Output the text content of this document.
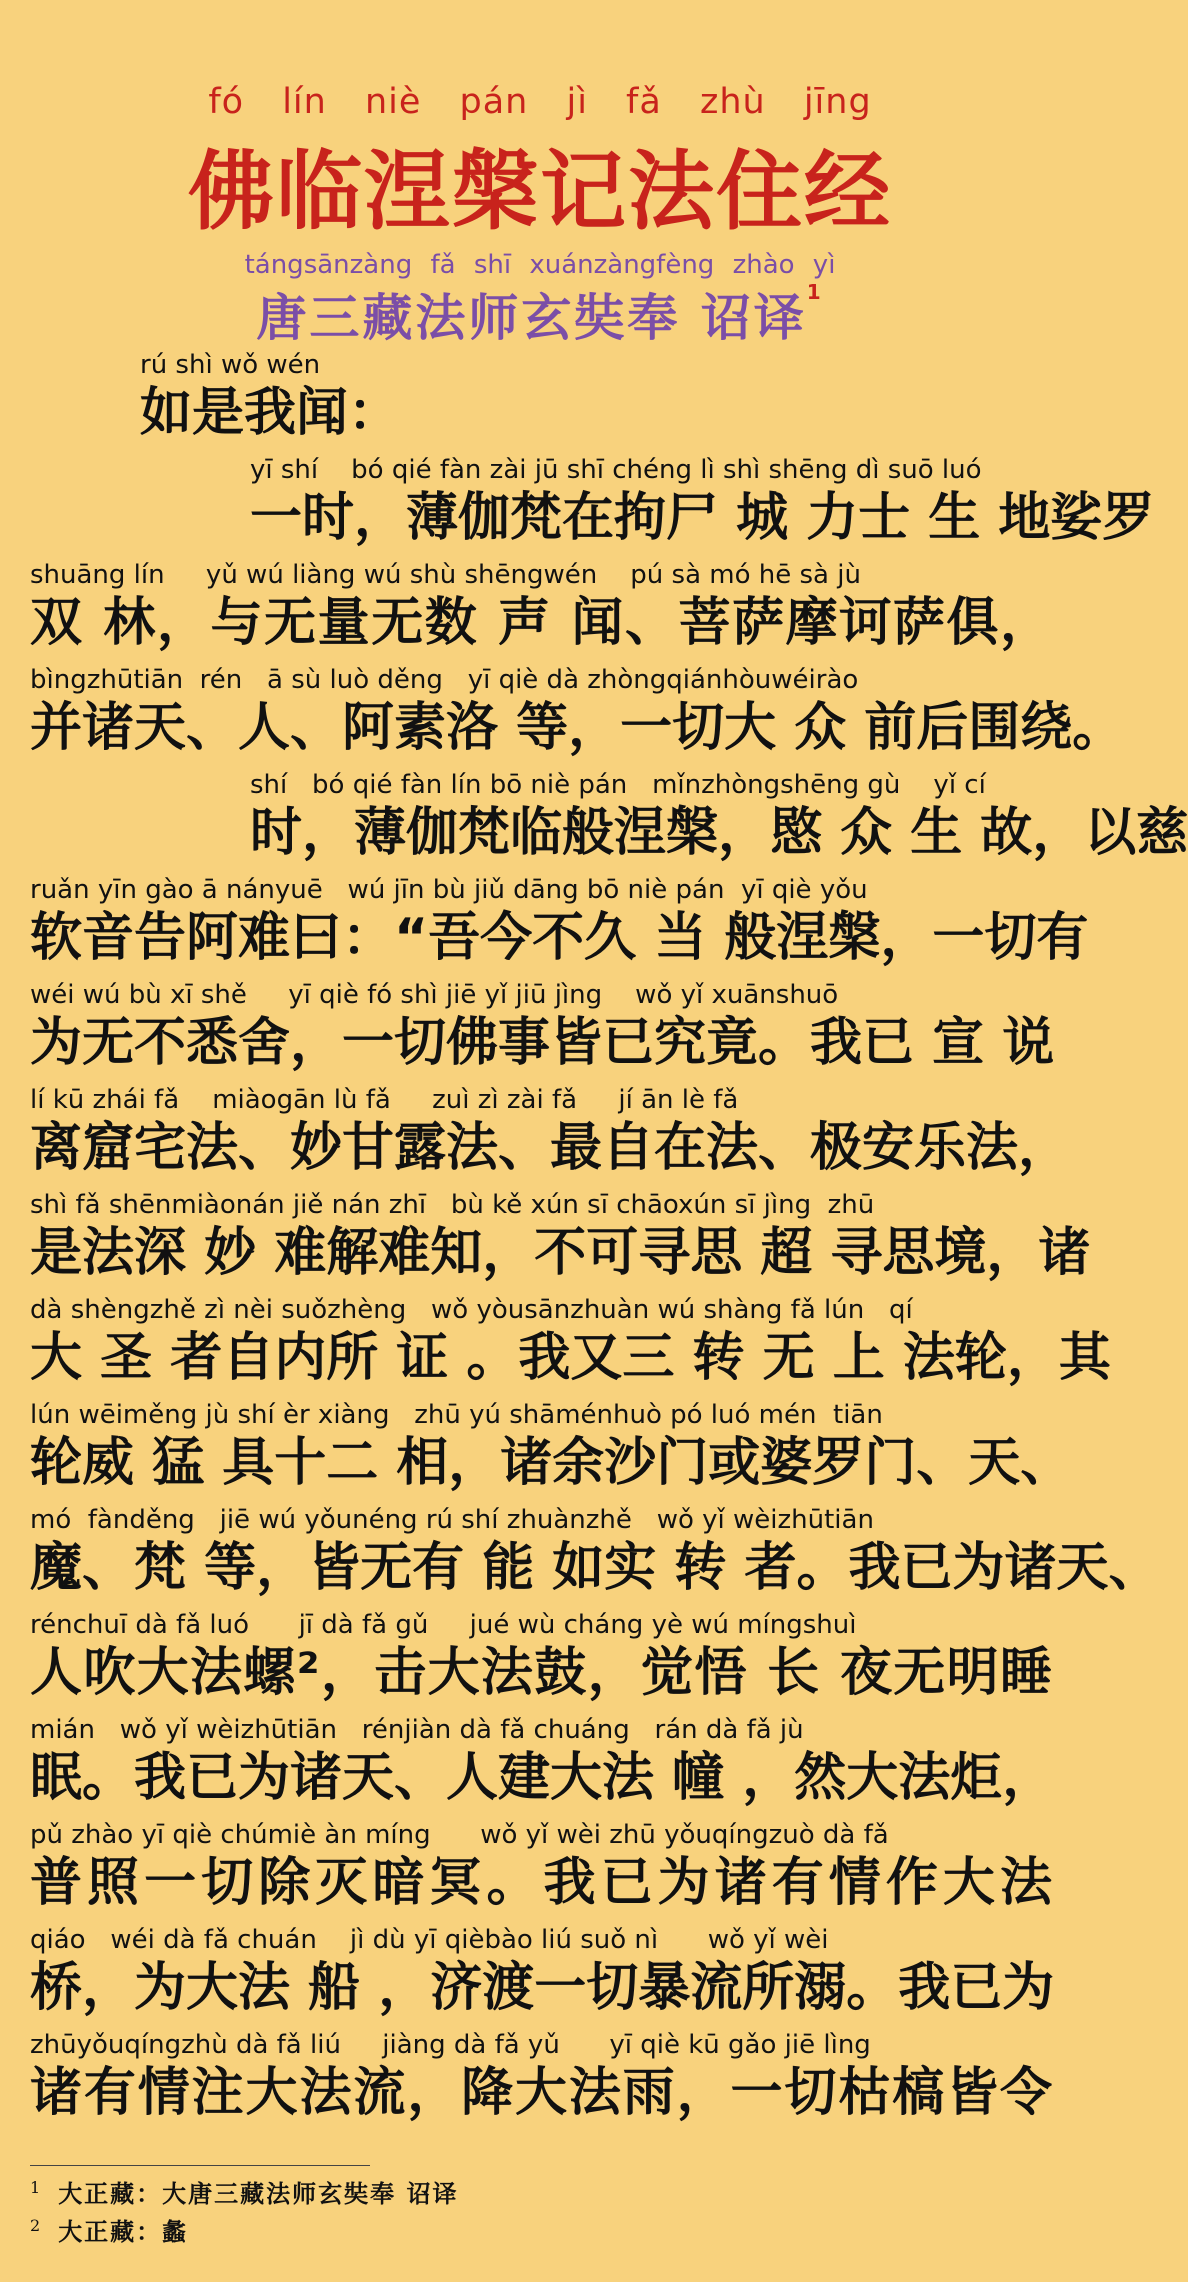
fó lín niè pán jì fǎ zhù jīng
佛临涅槃记法住经
tángsānzàng fǎ shī xuánzàngfèng zhào yì
唐三藏法师玄奘奉 诏译$^1$
rú shì wǒ wén
如是我闻：
yī shí    bó qié fàn zài jū shī chéng lì shì shēng dì suō luó
一时，薄伽梵在拘尸 城 力士 生 地娑罗
shuāng lín     yǔ wú liàng wú shù shēngwén    pú sà mó hē sà jù
双 林，与无量无数 声 闻、菩萨摩诃萨俱，
bìngzhūtiān  rén   ā sù luò děng   yī qiè dà zhòngqiánhòuwéirào
并诸天、人、阿素洛 等，一切大 众 前后围绕。
shí   bó qié fàn lín bō niè pán   mǐnzhòngshēng gù    yǐ cí
时，薄伽梵临般涅槃，愍 众 生 故，以慈
ruǎn yīn gào ā nányuē   wú jīn bù jiǔ dāng bō niè pán  yī qiè yǒu
软音告阿难曰：“吾今不久 当 般涅槃，一切有
wéi wú bù xī shě     yī qiè fó shì jiē yǐ jiū jìng    wǒ yǐ xuānshuō
为无不悉舍，一切佛事皆已究竟。我已 宣 说
lí kū zhái fǎ    miàogān lù fǎ     zuì zì zài fǎ     jí ān lè fǎ
离窟宅法、妙甘露法、最自在法、极安乐法，
shì fǎ shēnmiàonán jiě nán zhī   bù kě xún sī chāoxún sī jìng  zhū
是法深 妙 难解难知，不可寻思 超 寻思境，诸
dà shèngzhě zì nèi suǒzhèng   wǒ yòusānzhuàn wú shàng fǎ lún   qí
大 圣 者自内所 证 。我又三 转 无 上 法轮，其
lún wēiměng jù shí èr xiàng   zhū yú shāménhuò pó luó mén  tiān
轮威 猛 具十二 相，诸余沙门或婆罗门、天、
mó  fànděng   jiē wú yǒunéng rú shí zhuànzhě   wǒ yǐ wèizhūtiān
魔、梵 等，皆无有 能 如实 转 者。我已为诸天、
rénchuī dà fǎ luó      jī dà fǎ gǔ     jué wù cháng yè wú míngshuì
人吹大法螺²，击大法鼓，觉悟 长 夜无明睡
mián   wǒ yǐ wèizhūtiān   rénjiàn dà fǎ chuáng   rán dà fǎ jù
眠。我已为诸天、人建大法 幢 ，然大法炬，
pǔ zhào yī qiè chúmiè àn míng      wǒ yǐ wèi zhū yǒuqíngzuò dà fǎ
普照一切除灭暗冥。我已为诸有情作大法
qiáo   wéi dà fǎ chuán    jì dù yī qièbào liú suǒ nì      wǒ yǐ wèi
桥，为大法 船 ，济渡一切暴流所溺。我已为
zhūyǒuqíngzhù dà fǎ liú     jiàng dà fǎ yǔ      yī qiè kū gǎo jiē lìng
诸有情注大法流，降大法雨，一切枯槁皆令
$^1$ 大正藏：大唐三藏法师玄奘奉 诏译
$^2$ 大正藏：蠡
